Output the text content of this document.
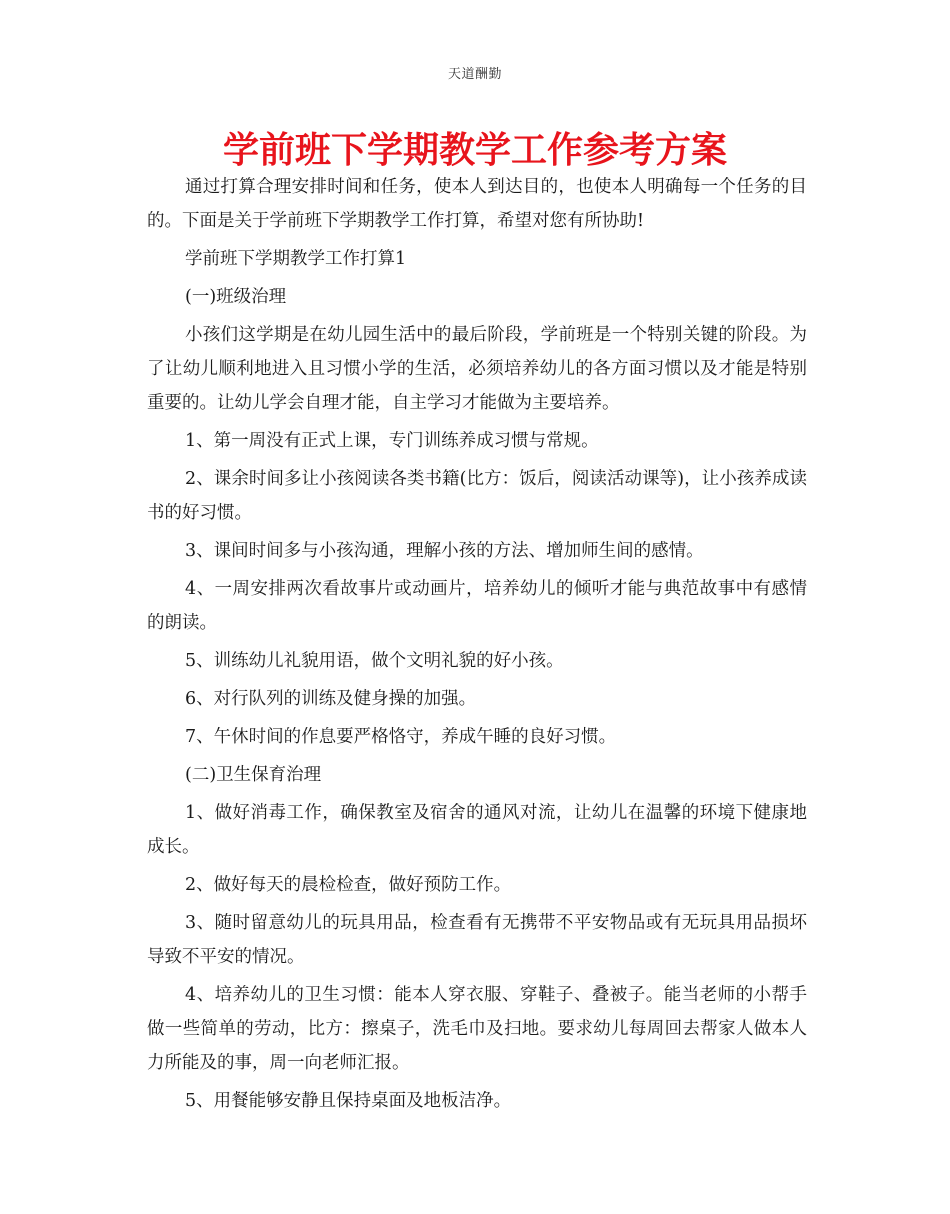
天道酬勤
学前班下学期教学工作参考方案

通过打算合理安排时间和任务，使本人到达目的，也使本人明确每一个任务的目的。下面是关于学前班下学期教学工作打算，希望对您有所协助!

学前班下学期教学工作打算1

(一)班级治理

小孩们这学期是在幼儿园生活中的最后阶段，学前班是一个特别关键的阶段。为了让幼儿顺利地进入且习惯小学的生活，必须培养幼儿的各方面习惯以及才能是特别重要的。让幼儿学会自理才能，自主学习才能做为主要培养。

1、第一周没有正式上课，专门训练养成习惯与常规。

2、课余时间多让小孩阅读各类书籍(比方：饭后，阅读活动课等)，让小孩养成读书的好习惯。

3、课间时间多与小孩沟通，理解小孩的方法、增加师生间的感情。

4、一周安排两次看故事片或动画片，培养幼儿的倾听才能与典范故事中有感情的朗读。

5、训练幼儿礼貌用语，做个文明礼貌的好小孩。

6、对行队列的训练及健身操的加强。

7、午休时间的作息要严格恪守，养成午睡的良好习惯。

(二)卫生保育治理

1、做好消毒工作，确保教室及宿舍的通风对流，让幼儿在温馨的环境下健康地成长。

2、做好每天的晨检检查，做好预防工作。

3、随时留意幼儿的玩具用品，检查看有无携带不平安物品或有无玩具用品损坏导致不平安的情况。

4、培养幼儿的卫生习惯：能本人穿衣服、穿鞋子、叠被子。能当老师的小帮手做一些简单的劳动，比方：擦桌子，洗毛巾及扫地。要求幼儿每周回去帮家人做本人力所能及的事，周一向老师汇报。

5、用餐能够安静且保持桌面及地板洁净。
